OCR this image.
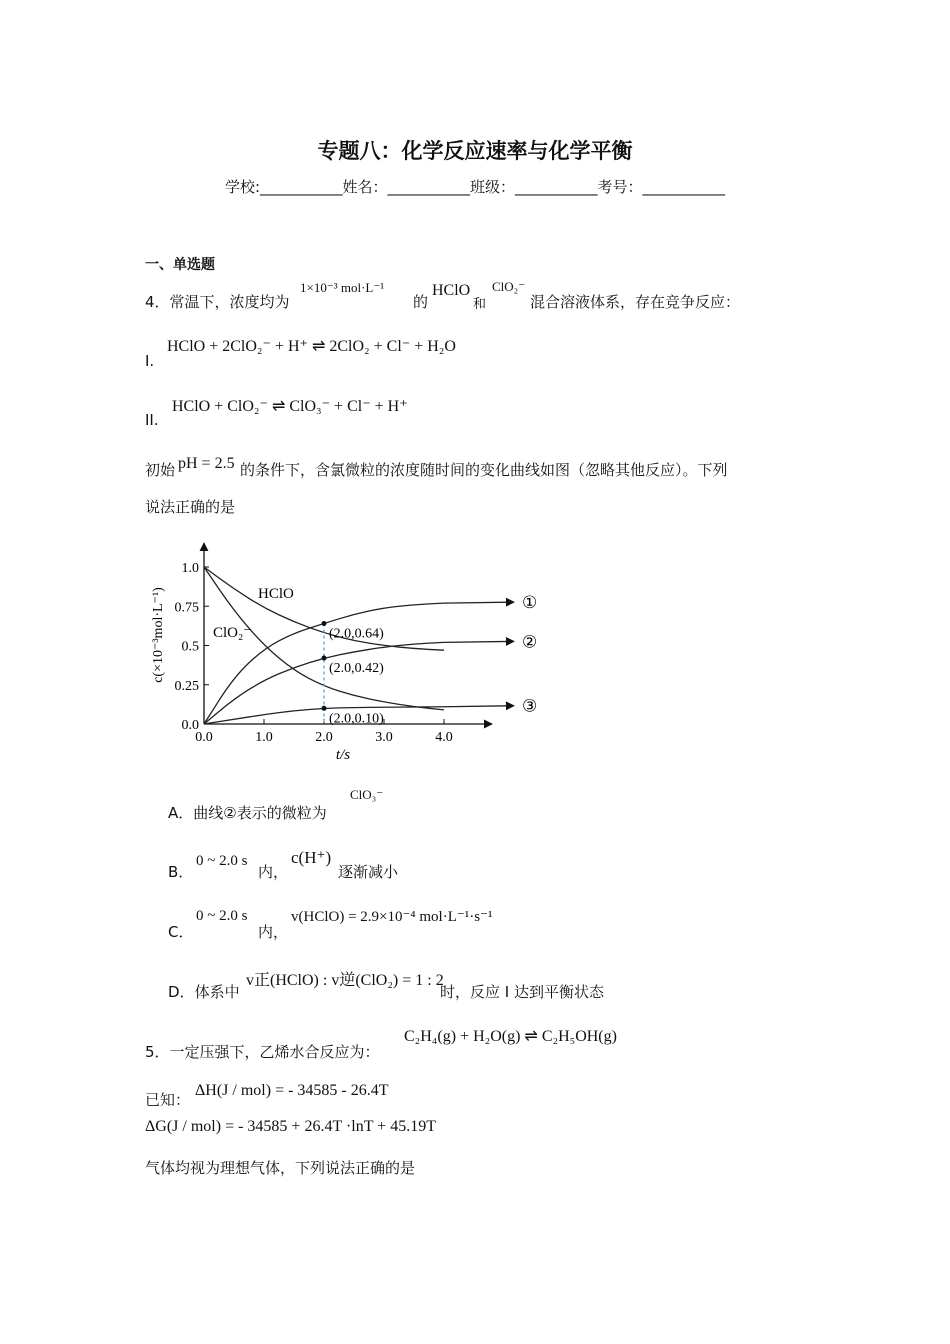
专题八：化学反应速率与化学平衡
学校:___________姓名：___________班级：___________考号：___________
一、单选题
4．常温下，浓度均为
1×10⁻³ mol·L⁻¹
的
HClO
和
ClO₂⁻
混合溶液体系，存在竞争反应：
I.
HClO + 2ClO₂⁻ + H⁺ ⇌ 2ClO₂ + Cl⁻ + H₂O
II.
HClO + ClO₂⁻ ⇌ ClO₃⁻ + Cl⁻ + H⁺
初始 pH = 2.5 的条件下，含氯微粒的浓度随时间的变化曲线如图（忽略其他反应）。下列
说法正确的是
0.0	1.0	2.0	3.0	4.0
0.0
0.25
0.5
0.75
1.0
①
②
③
(2.0,0.64)
(2.0,0.42)
(2.0,0.10)
t/s
c(×10⁻³mol·L⁻¹)	HClO
ClO₂⁻
A．曲线②表示的微粒为
ClO₃⁻
B．
0 ~ 2.0 s
内，
c(H⁺)
逐渐减小
C．
0 ~ 2.0 s
内，
v(HClO) = 2.9×10⁻⁴ mol·L⁻¹·s⁻¹
D．体系中
v正(HClO) : v逆(ClO₂) = 1 : 2
时，反应 I 达到平衡状态
5．一定压强下，乙烯水合反应为：
C₂H₄(g) + H₂O(g) ⇌ C₂H₅OH(g)
已知：
ΔH(J / mol) = - 34585 - 26.4T
ΔG(J / mol) = - 34585 + 26.4T ·lnT + 45.19T
气体均视为理想气体，下列说法正确的是
